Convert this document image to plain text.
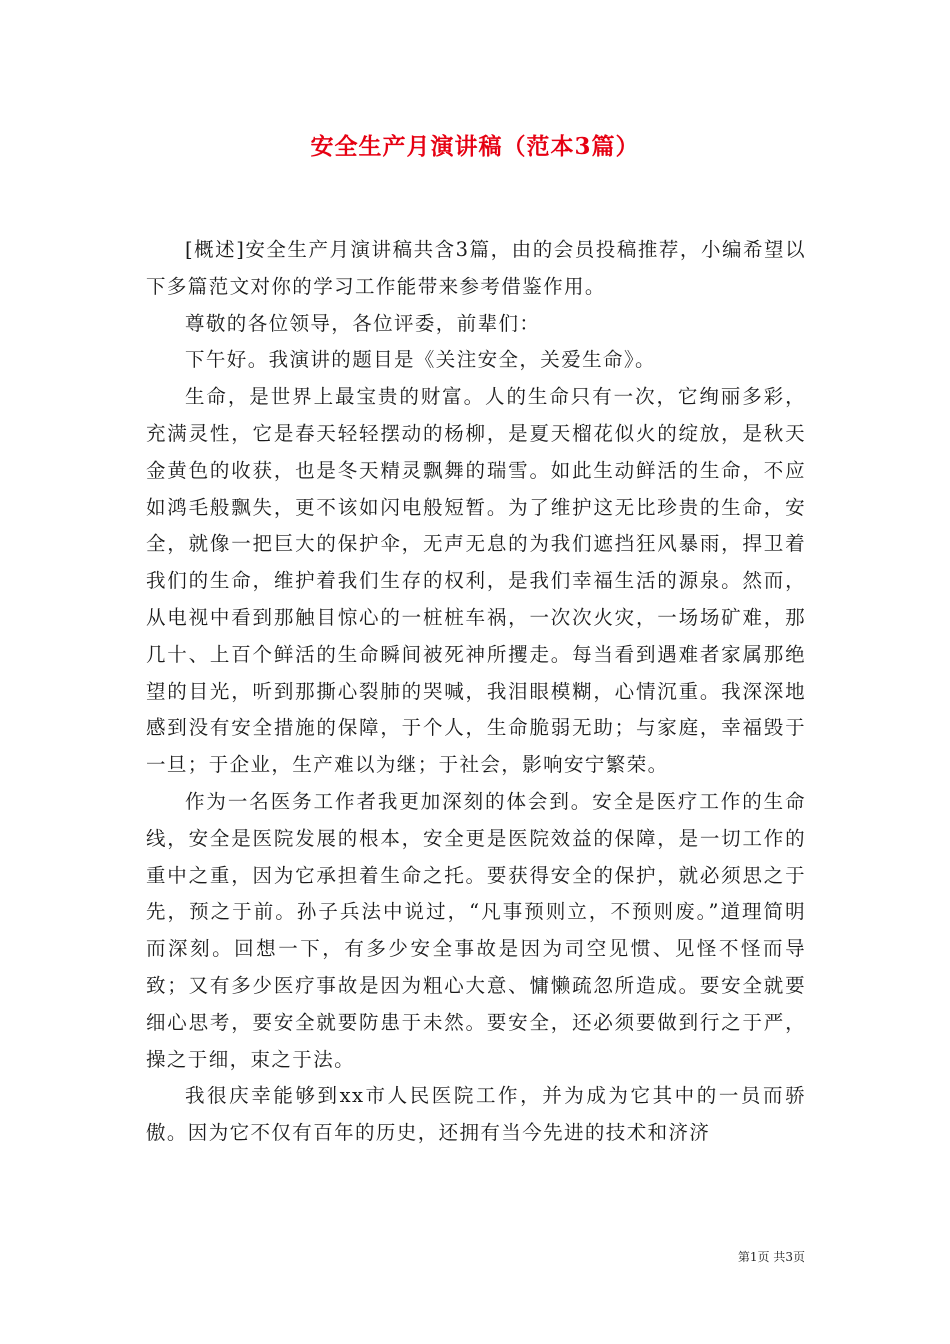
安全生产月演讲稿（范本3篇）

[概述]安全生产月演讲稿共含3篇，由的会员投稿推荐，小编希望以下多篇范文对你的学习工作能带来参考借鉴作用。

尊敬的各位领导，各位评委，前辈们：

下午好。我演讲的题目是《关注安全，关爱生命》。

生命，是世界上最宝贵的财富。人的生命只有一次，它绚丽多彩，充满灵性，它是春天轻轻摆动的杨柳，是夏天榴花似火的绽放，是秋天金黄色的收获，也是冬天精灵飘舞的瑞雪。如此生动鲜活的生命，不应如鸿毛般飘失，更不该如闪电般短暂。为了维护这无比珍贵的生命，安全，就像一把巨大的保护伞，无声无息的为我们遮挡狂风暴雨，捍卫着我们的生命，维护着我们生存的权利，是我们幸福生活的源泉。然而，从电视中看到那触目惊心的一桩桩车祸，一次次火灾，一场场矿难，那几十、上百个鲜活的生命瞬间被死神所攫走。每当看到遇难者家属那绝望的目光，听到那撕心裂肺的哭喊，我泪眼模糊，心情沉重。我深深地感到没有安全措施的保障，于个人，生命脆弱无助；与家庭，幸福毁于一旦；于企业，生产难以为继；于社会，影响安宁繁荣。

作为一名医务工作者我更加深刻的体会到。安全是医疗工作的生命线，安全是医院发展的根本，安全更是医院效益的保障，是一切工作的重中之重，因为它承担着生命之托。要获得安全的保护，就必须思之于先，预之于前。孙子兵法中说过，“凡事预则立，不预则废。”道理简明而深刻。回想一下，有多少安全事故是因为司空见惯、见怪不怪而导致；又有多少医疗事故是因为粗心大意、慵懒疏忽所造成。要安全就要细心思考，要安全就要防患于未然。要安全，还必须要做到行之于严，操之于细，束之于法。

我很庆幸能够到xx市人民医院工作，并为成为它其中的一员而骄傲。因为它不仅有百年的历史，还拥有当今先进的技术和济济

第1页 共3页
